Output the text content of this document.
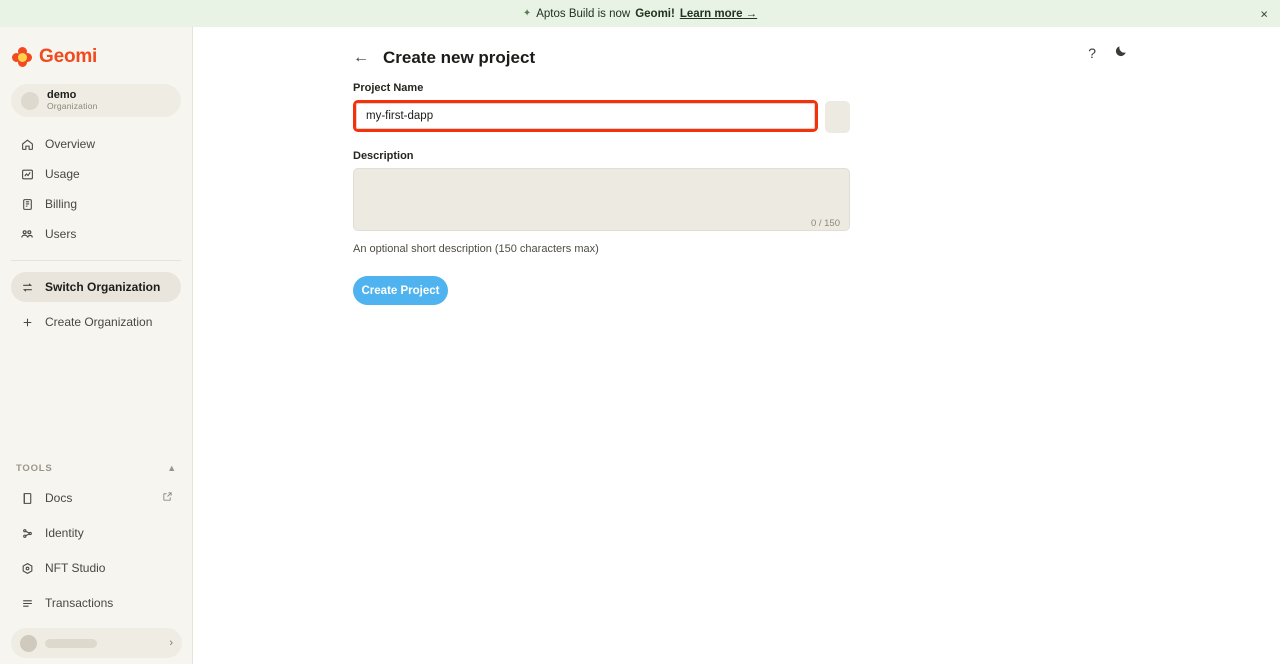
✦ Aptos Build is now Geomi! Learn more →	×
Geomi
demo
Organization
Overview
Usage
Billing
Users
Switch Organization
Create Organization
TOOLS	▲
Docs
Identity
NFT Studio
Transactions
›
← Create new project	?
Project Name
my-first-dapp
Description
0 / 150
An optional short description (150 characters max)
Create Project
